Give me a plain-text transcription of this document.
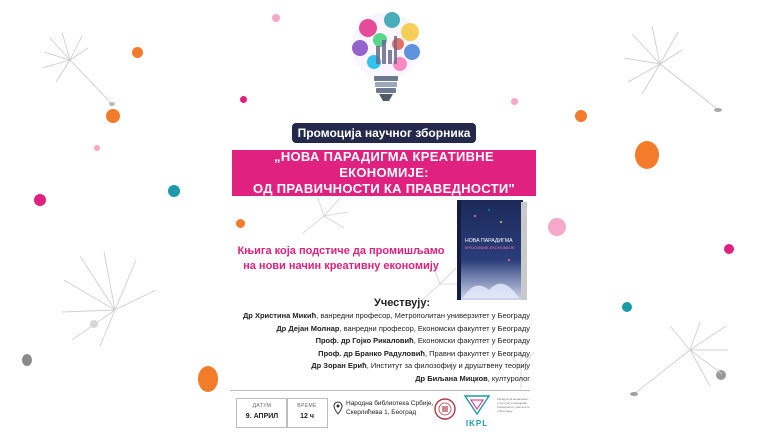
Промоција научног зборника
„НОВА ПАРАДИГМА КРЕАТИВНЕ ЕКОНОМИЈЕ:
ОД ПРАВИЧНОСТИ КА ПРАВЕДНОСТИ"
Књига која подстиче да промишљамо
на нови начин креативну економију
НОВА ПАРАДИГМА
КРЕАТИВНЕ ЕКОНОМИЈЕ
Учествују:
Др Христина Микић, ванредни професор, Метрополитан универзитет у Београду
Др Дејан Молнар, ванредни професор, Економски факултет у Београду
Проф. др Гојко Рикаловић, Економски факултет у Београду
Проф. др Бранко Радуловић, Правни факултет у Београду
Др Зоран Ерић, Институт за филозофију и друштвену теорију
Др Биљана Мицков, културолог
ДАТУМ
9. АПРИЛ
ВРЕМЕ
12 ч
Народна библиотека Србије,
Скерлићева 1, Београд
IKPL
Катедра за менаџмент
у култури и медијима
Универзитет уметности
у Београду
